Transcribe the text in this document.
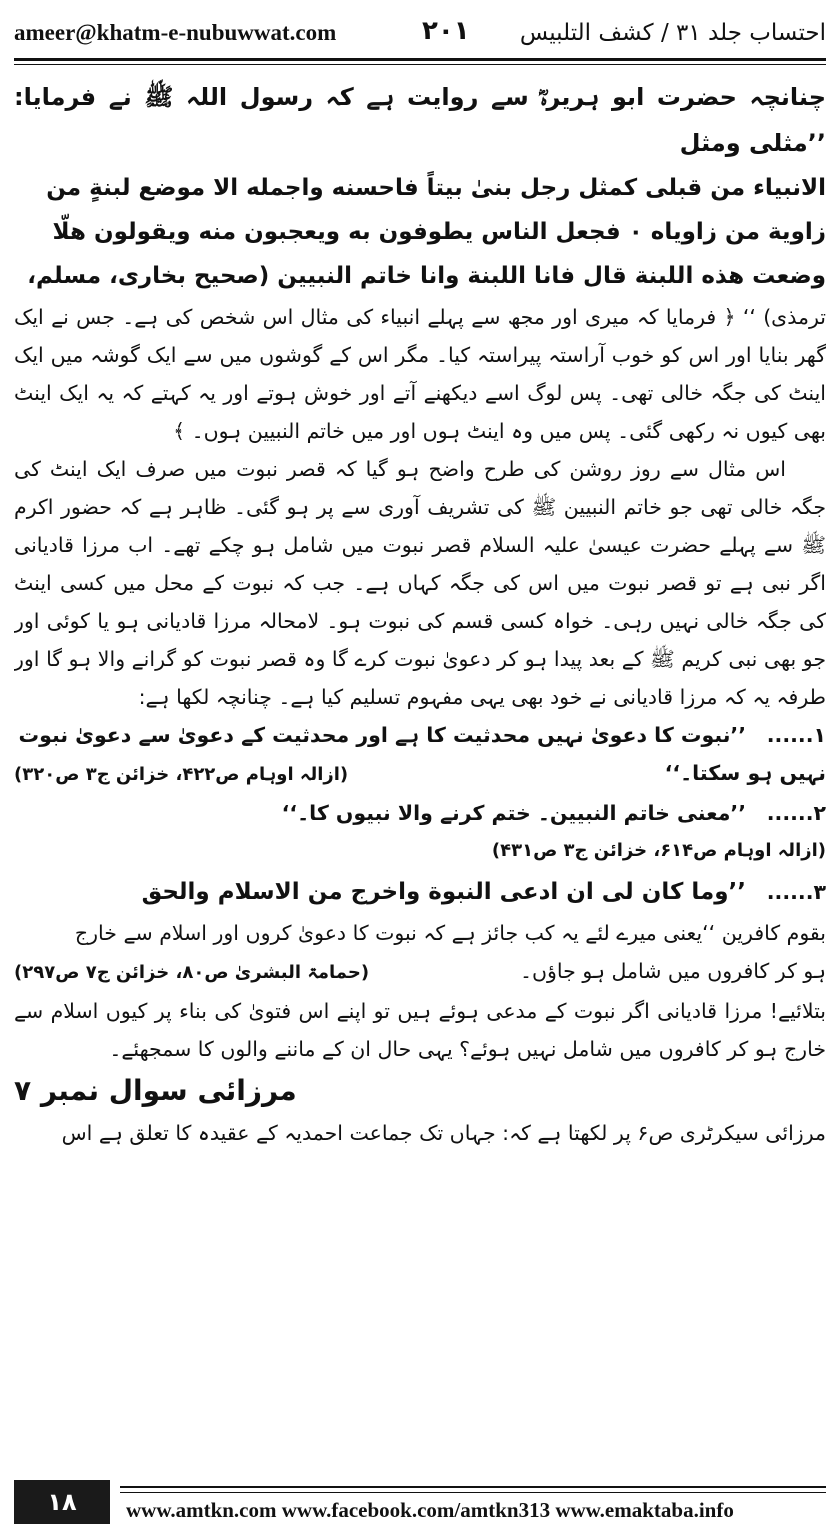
ameer@khatm-e-nubuwwat.com	۲۰۱ احتساب جلد ۳۱ / کشف التلبیس

چنانچہ حضرت ابو ہریرہؓ سے روایت ہے کہ رسول اللہ ﷺ نے فرمایا: ’’مثلی ومثل

الانبیاء من قبلی کمثل رجل بنیٰ بیتاً فاحسنه واجمله الا موضع لبنةٍ من

زاویة من زاویاه ۰ فجعل الناس یطوفون به ویعجبون منه ویقولون هلّا

وضعت هذه اللبنة قال فانا اللبنة وانا خاتم النبیین (صحیح بخاری، مسلم،

ترمذی) ‘‘ ﴿ فرمایا کہ میری اور مجھ سے پہلے انبیاء کی مثال اس شخص کی ہے۔ جس نے ایک گھر بنایا اور اس کو خوب آراستہ پیراستہ کیا۔ مگر اس کے گوشوں میں سے ایک گوشہ میں ایک اینٹ کی جگہ خالی تھی۔ پس لوگ اسے دیکھنے آتے اور خوش ہوتے اور یہ کہتے کہ یہ ایک اینٹ بھی کیوں نہ رکھی گئی۔ پس میں وہ اینٹ ہوں اور میں خاتم النبیین ہوں۔ ﴾

اس مثال سے روز روشن کی طرح واضح ہو گیا کہ قصر نبوت میں صرف ایک اینٹ کی جگہ خالی تھی جو خاتم النبیین ﷺ کی تشریف آوری سے پر ہو گئی۔ ظاہر ہے کہ حضور اکرم ﷺ سے پہلے حضرت عیسیٰ علیہ السلام قصر نبوت میں شامل ہو چکے تھے۔ اب مرزا قادیانی اگر نبی ہے تو قصر نبوت میں اس کی جگہ کہاں ہے۔ جب کہ نبوت کے محل میں کسی اینٹ کی جگہ خالی نہیں رہی۔ خواہ کسی قسم کی نبوت ہو۔ لامحالہ مرزا قادیانی ہو یا کوئی اور جو بھی نبی کریم ﷺ کے بعد پیدا ہو کر دعویٰ نبوت کرے گا وہ قصر نبوت کو گرانے والا ہو گا اور طرفہ یہ کہ مرزا قادیانی نے خود بھی یہی مفہوم تسلیم کیا ہے۔ چنانچہ لکھا ہے:

۱......
’’نبوت کا دعویٰ نہیں محدثیت کا ہے اور محدثیت کے دعویٰ سے دعویٰ نبوت
نہیں ہو سکتا۔‘‘
(ازالہ اوہام ص۴۲۲، خزائن ج۳ ص۳۲۰)
۲......
’’معنی خاتم النبیین۔ ختم کرنے والا نبیوں کا۔‘‘

(ازالہ اوہام ص۶۱۴، خزائن ج۳ ص۴۳۱)

۳......
’’وما کان لی ان ادعی النبوة واخرج من الاسلام والحق

بقوم کافرین ‘‘یعنی میرے لئے یہ کب جائز ہے کہ نبوت کا دعویٰ کروں اور اسلام سے خارج

ہو کر کافروں میں شامل ہو جاؤں۔
(حمامۃ البشریٰ ص۸۰، خزائن ج۷ ص۲۹۷)

بتلائیے! مرزا قادیانی اگر نبوت کے مدعی ہوئے ہیں تو اپنے اس فتویٰ کی بناء پر کیوں اسلام سے خارج ہو کر کافروں میں شامل نہیں ہوئے؟ یہی حال ان کے ماننے والوں کا سمجھئے۔

مرزائی سوال نمبر ۷

مرزائی سیکرٹری ص۶ پر لکھتا ہے کہ: جہاں تک جماعت احمدیہ کے عقیدہ کا تعلق ہے اس

۱۸	www.amtkn.com www.facebook.com/amtkn313 www.emaktaba.info
